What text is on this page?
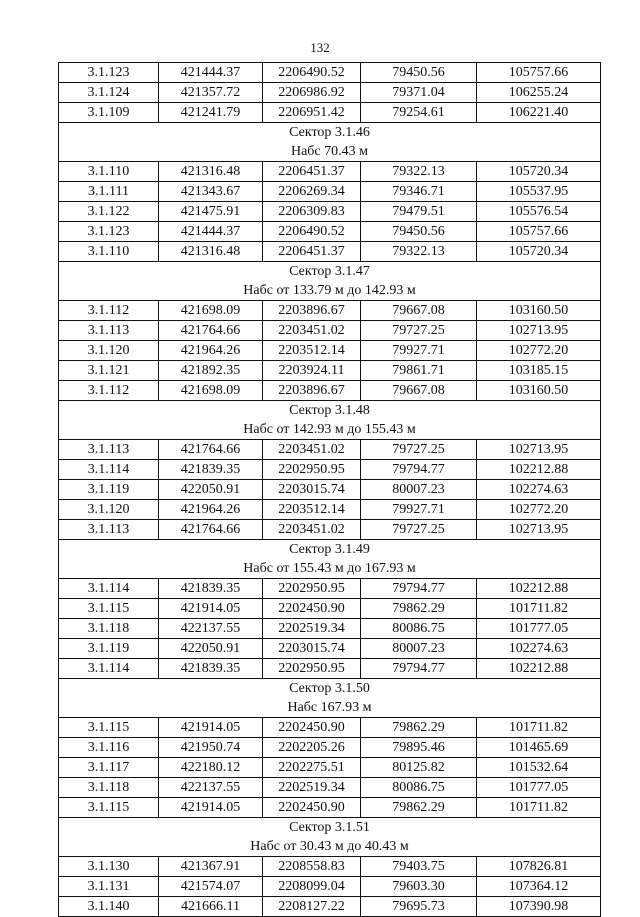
132
3.1.123	421444.37	2206490.52	79450.56	105757.66
3.1.124	421357.72	2206986.92	79371.04	106255.24
3.1.109	421241.79	2206951.42	79254.61	106221.40

Сектор 3.1.46
Набс 70.43 м				

3.1.110	421316.48	2206451.37	79322.13	105720.34
3.1.111	421343.67	2206269.34	79346.71	105537.95
3.1.122	421475.91	2206309.83	79479.51	105576.54
3.1.123	421444.37	2206490.52	79450.56	105757.66
3.1.110	421316.48	2206451.37	79322.13	105720.34

Сектор 3.1.47
Набс от 133.79 м до 142.93 м				

3.1.112	421698.09	2203896.67	79667.08	103160.50
3.1.113	421764.66	2203451.02	79727.25	102713.95
3.1.120	421964.26	2203512.14	79927.71	102772.20
3.1.121	421892.35	2203924.11	79861.71	103185.15
3.1.112	421698.09	2203896.67	79667.08	103160.50

Сектор 3.1.48
Набс от 142.93 м до 155.43 м				

3.1.113	421764.66	2203451.02	79727.25	102713.95
3.1.114	421839.35	2202950.95	79794.77	102212.88
3.1.119	422050.91	2203015.74	80007.23	102274.63
3.1.120	421964.26	2203512.14	79927.71	102772.20
3.1.113	421764.66	2203451.02	79727.25	102713.95

Сектор 3.1.49
Набс от 155.43 м до 167.93 м				

3.1.114	421839.35	2202950.95	79794.77	102212.88
3.1.115	421914.05	2202450.90	79862.29	101711.82
3.1.118	422137.55	2202519.34	80086.75	101777.05
3.1.119	422050.91	2203015.74	80007.23	102274.63
3.1.114	421839.35	2202950.95	79794.77	102212.88

Сектор 3.1.50
Набс 167.93 м				

3.1.115	421914.05	2202450.90	79862.29	101711.82
3.1.116	421950.74	2202205.26	79895.46	101465.69
3.1.117	422180.12	2202275.51	80125.82	101532.64
3.1.118	422137.55	2202519.34	80086.75	101777.05
3.1.115	421914.05	2202450.90	79862.29	101711.82

Сектор 3.1.51
Набс от 30.43 м до 40.43 м				

3.1.130	421367.91	2208558.83	79403.75	107826.81
3.1.131	421574.07	2208099.04	79603.30	107364.12
3.1.140	421666.11	2208127.22	79695.73	107390.98
